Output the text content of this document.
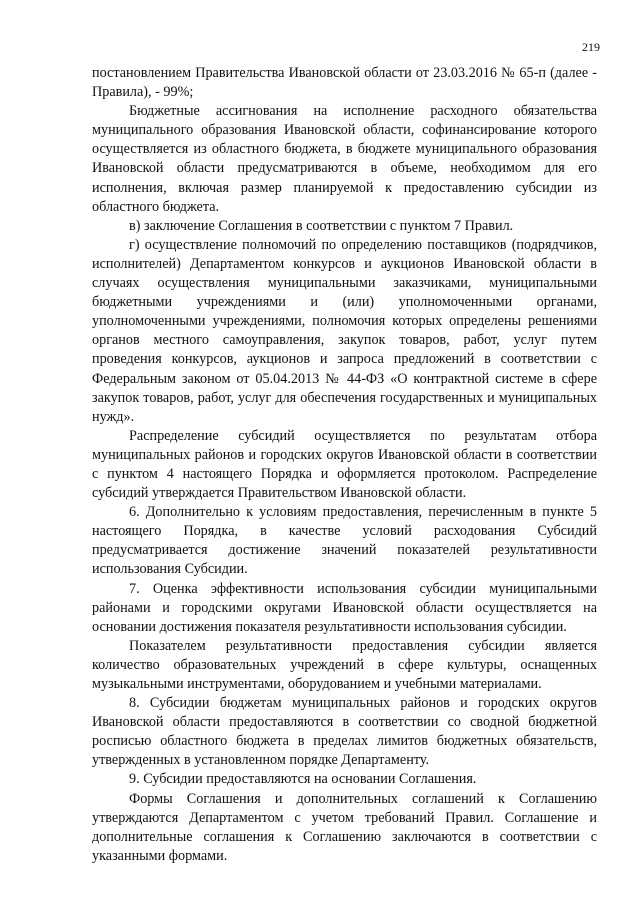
219

постановлением Правительства Ивановской области от 23.03.2016 № 65-п (далее - Правила), - 99%;

Бюджетные ассигнования на исполнение расходного обязательства муниципального образования Ивановской области, софинансирование которого осуществляется из областного бюджета, в бюджете муниципального образования Ивановской области предусматриваются в объеме, необходимом для его исполнения, включая размер планируемой к предоставлению субсидии из областного бюджета.

в) заключение Соглашения в соответствии с пунктом 7 Правил.

г) осуществление полномочий по определению поставщиков (подрядчиков, исполнителей) Департаментом конкурсов и аукционов Ивановской области в случаях осуществления муниципальными заказчиками, муниципальными бюджетными учреждениями и (или) уполномоченными органами, уполномоченными учреждениями, полномочия которых определены решениями органов местного самоуправления, закупок товаров, работ, услуг путем проведения конкурсов, аукционов и запроса предложений в соответствии с Федеральным законом от 05.04.2013 № 44-ФЗ «О контрактной системе в сфере закупок товаров, работ, услуг для обеспечения государственных и муниципальных нужд».

Распределение субсидий осуществляется по результатам отбора муниципальных районов и городских округов Ивановской области в соответствии с пунктом 4 настоящего Порядка и оформляется протоколом. Распределение субсидий утверждается Правительством Ивановской области.

6. Дополнительно к условиям предоставления, перечисленным в пункте 5 настоящего Порядка, в качестве условий расходования Субсидий предусматривается достижение значений показателей результативности использования Субсидии.

7. Оценка эффективности использования субсидии муниципальными районами и городскими округами Ивановской области осуществляется на основании достижения показателя результативности использования субсидии.

Показателем результативности предоставления субсидии является количество образовательных учреждений в сфере культуры, оснащенных музыкальными инструментами, оборудованием и учебными материалами.

8. Субсидии бюджетам муниципальных районов и городских округов Ивановской области предоставляются в соответствии со сводной бюджетной росписью областного бюджета в пределах лимитов бюджетных обязательств, утвержденных в установленном порядке Департаменту.

9. Субсидии предоставляются на основании Соглашения.

Формы Соглашения и дополнительных соглашений к Соглашению утверждаются Департаментом с учетом требований Правил. Соглашение и дополнительные соглашения к Соглашению заключаются в соответствии с указанными формами.
